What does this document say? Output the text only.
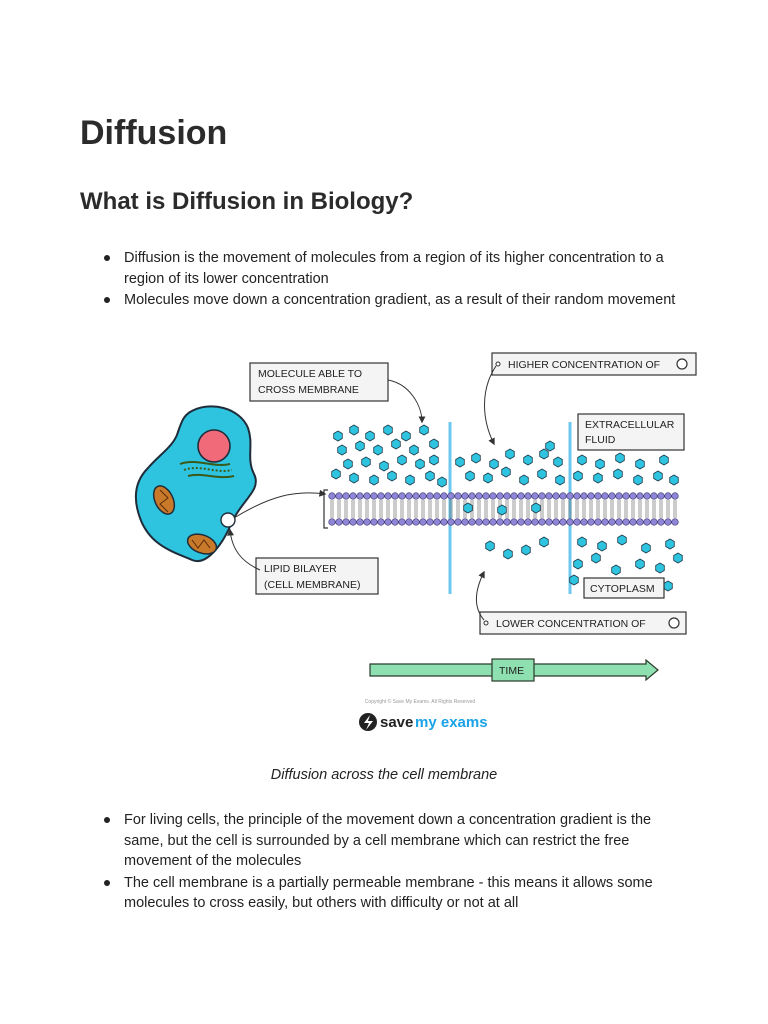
Diffusion
What is Diffusion in Biology?
Diffusion is the movement of molecules from a region of its higher concentration to a region of its lower concentration
Molecules move down a concentration gradient, as a result of their random movement
MOLECULE ABLE TO
CROSS MEMBRANE
HIGHER CONCENTRATION OF
EXTRACELLULAR
FLUID
LIPID BILAYER
(CELL MEMBRANE)	CYTOPLASM
LOWER CONCENTRATION OF
TIME
Copyright © Save My Exams. All Rights Reserved
save my exams
Diffusion across the cell membrane
For living cells, the principle of the movement down a concentration gradient is the same, but the cell is surrounded by a cell membrane which can restrict the free movement of the molecules
The cell membrane is a partially permeable membrane - this means it allows some molecules to cross easily, but others with difficulty or not at all
